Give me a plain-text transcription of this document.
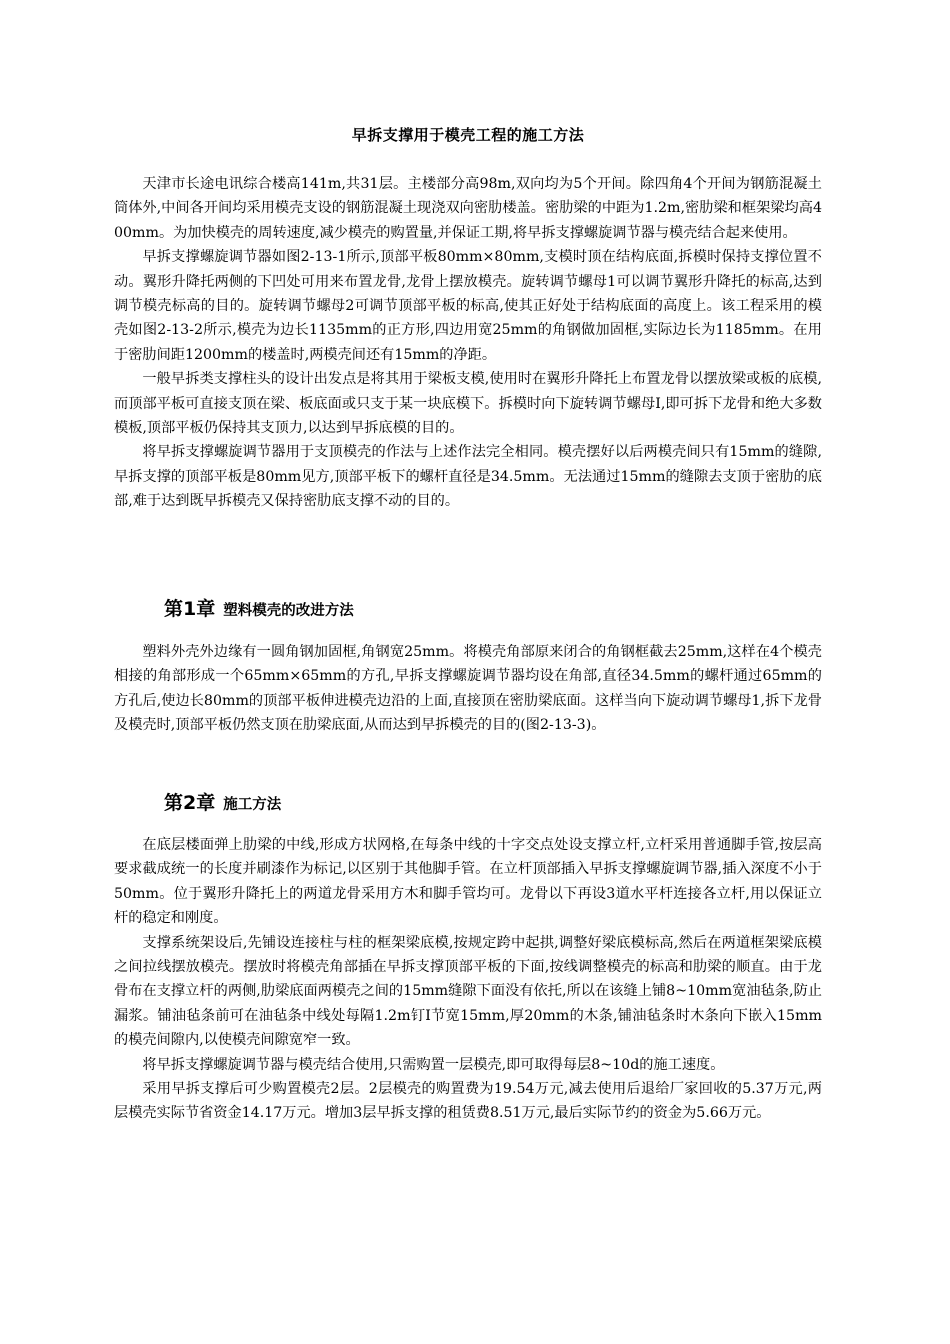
早拆支撑用于模壳工程的施工方法

天津市长途电讯综合楼高141m,共31层。主楼部分高98m,双向均为5个开间。除四角4个开间为钢筋混凝土筒体外,中间各开间均采用模壳支设的钢筋混凝土现浇双向密肋楼盖。密肋梁的中距为1.2m,密肋梁和框架梁均高400mm。为加快模壳的周转速度,减少模壳的购置量,并保证工期,将早拆支撑螺旋调节器与模壳结合起来使用。

早拆支撑螺旋调节器如图2-13-1所示,顶部平板80mm×80mm,支模时顶在结构底面,拆模时保持支撑位置不动。翼形升降托两侧的下凹处可用来布置龙骨,龙骨上摆放模壳。旋转调节螺母1可以调节翼形升降托的标高,达到调节模壳标高的目的。旋转调节螺母2可调节顶部平板的标高,使其正好处于结构底面的高度上。该工程采用的模壳如图2-13-2所示,模壳为边长1135mm的正方形,四边用宽25mm的角钢做加固框,实际边长为1185mm。在用于密肋间距1200mm的楼盖时,两模壳间还有15mm的净距。

一般早拆类支撑柱头的设计出发点是将其用于梁板支模,使用时在翼形升降托上布置龙骨以摆放梁或板的底模,而顶部平板可直接支顶在梁、板底面或只支于某一块底模下。拆模时向下旋转调节螺母I,即可拆下龙骨和绝大多数模板,顶部平板仍保持其支顶力,以达到早拆底模的目的。

将早拆支撑螺旋调节器用于支顶模壳的作法与上述作法完全相同。模壳摆好以后两模壳间只有15mm的缝隙,早拆支撑的顶部平板是80mm见方,顶部平板下的螺杆直径是34.5mm。无法通过15mm的缝隙去支顶于密肋的底部,难于达到既早拆模壳又保持密肋底支撑不动的目的。

第1章 塑料模壳的改进方法

塑料外壳外边缘有一圆角钢加固框,角钢宽25mm。将模壳角部原来闭合的角钢框截去25mm,这样在4个模壳相接的角部形成一个65mm×65mm的方孔,早拆支撑螺旋调节器均设在角部,直径34.5mm的螺杆通过65mm的方孔后,使边长80mm的顶部平板伸进模壳边沿的上面,直接顶在密肋梁底面。这样当向下旋动调节螺母1,拆下龙骨及模壳时,顶部平板仍然支顶在肋梁底面,从而达到早拆模壳的目的(图2-13-3)。

第2章 施工方法

在底层楼面弹上肋梁的中线,形成方状网格,在每条中线的十字交点处设支撑立杆,立杆采用普通脚手管,按层高要求截成统一的长度并刷漆作为标记,以区别于其他脚手管。在立杆顶部插入早拆支撑螺旋调节器,插入深度不小于50mm。位于翼形升降托上的两道龙骨采用方木和脚手管均可。龙骨以下再设3道水平杆连接各立杆,用以保证立杆的稳定和刚度。

支撑系统架设后,先铺设连接柱与柱的框架梁底模,按规定跨中起拱,调整好梁底模标高,然后在两道框架梁底模之间拉线摆放模壳。摆放时将模壳角部插在早拆支撑顶部平板的下面,按线调整模壳的标高和肋梁的顺直。由于龙骨布在支撑立杆的两侧,肋梁底面两模壳之间的15mm缝隙下面没有依托,所以在该缝上铺8~10mm宽油毡条,防止漏浆。铺油毡条前可在油毡条中线处每隔1.2m钉I节宽15mm,厚20mm的木条,铺油毡条时木条向下嵌入15mm的模壳间隙内,以使模壳间隙宽窄一致。

将早拆支撑螺旋调节器与模壳结合使用,只需购置一层模壳,即可取得每层8~10d的施工速度。

采用早拆支撑后可少购置模壳2层。2层模壳的购置费为19.54万元,减去使用后退给厂家回收的5.37万元,两层模壳实际节省资金14.17万元。增加3层早拆支撑的租赁费8.51万元,最后实际节约的资金为5.66万元。
